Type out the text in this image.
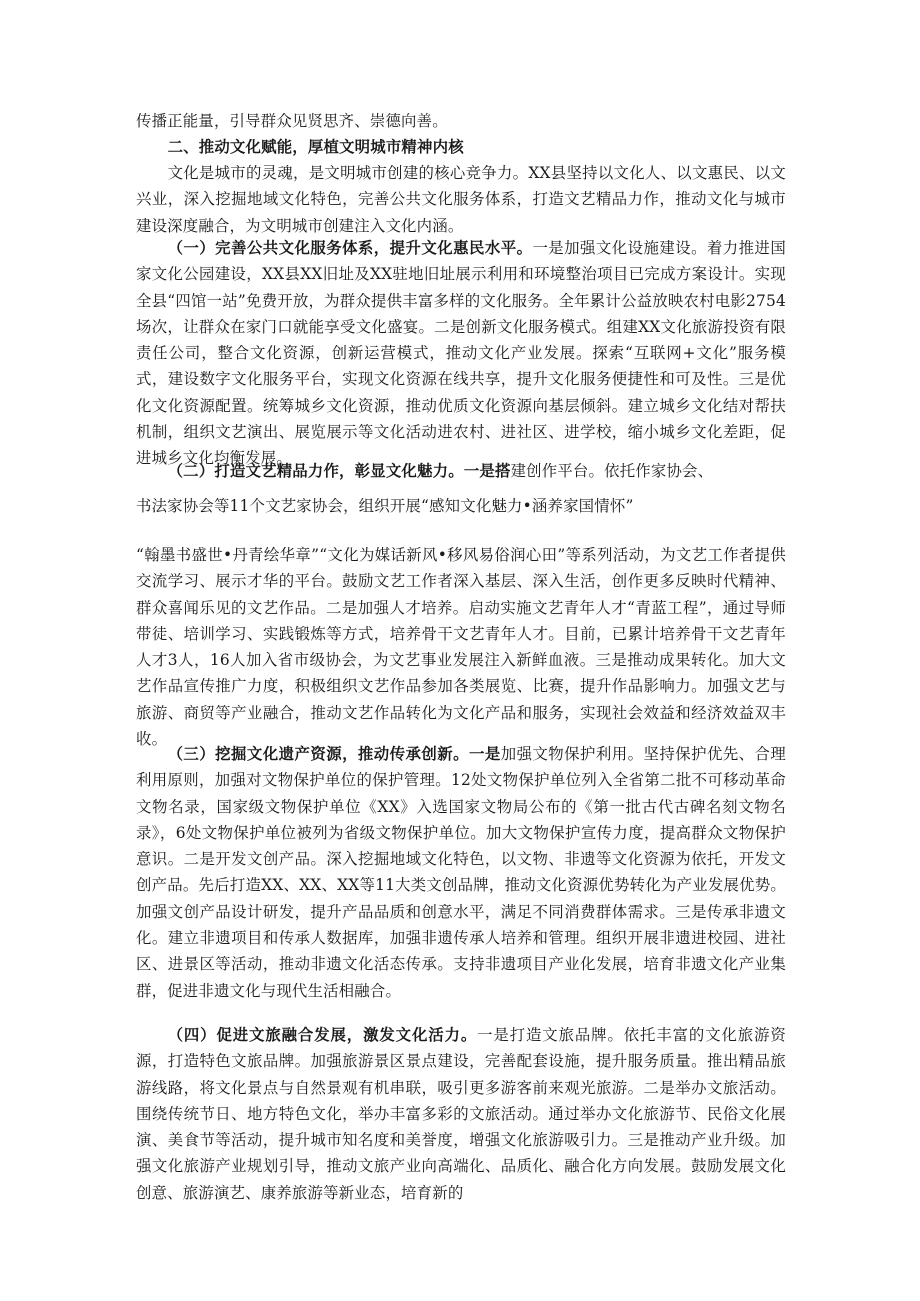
传播正能量，引导群众见贤思齐、崇德向善。

二、推动文化赋能，厚植文明城市精神内核

文化是城市的灵魂，是文明城市创建的核心竞争力。XX县坚持以文化人、以文惠民、以文兴业，深入挖掘地域文化特色，完善公共文化服务体系，打造文艺精品力作，推动文化与城市建设深度融合，为文明城市创建注入文化内涵。

（一）完善公共文化服务体系，提升文化惠民水平。一是加强文化设施建设。着力推进国家文化公园建设，XX县XX旧址及XX驻地旧址展示利用和环境整治项目已完成方案设计。实现全县“四馆一站”免费开放，为群众提供丰富多样的文化服务。全年累计公益放映农村电影2754场次，让群众在家门口就能享受文化盛宴。二是创新文化服务模式。组建XX文化旅游投资有限责任公司，整合文化资源，创新运营模式，推动文化产业发展。探索“互联网+文化”服务模式，建设数字文化服务平台，实现文化资源在线共享，提升文化服务便捷性和可及性。三是优化文化资源配置。统筹城乡文化资源，推动优质文化资源向基层倾斜。建立城乡文化结对帮扶机制，组织文艺演出、展览展示等文化活动进农村、进社区、进学校，缩小城乡文化差距，促进城乡文化均衡发展。

（二）打造文艺精品力作，彰显文化魅力。一是搭建创作平台。依托作家协会、

书法家协会等11个文艺家协会，组织开展“感知文化魅力•涵养家国情怀”

“翰墨书盛世•丹青绘华章”“文化为媒话新风•移风易俗润心田”等系列活动，为文艺工作者提供交流学习、展示才华的平台。鼓励文艺工作者深入基层、深入生活，创作更多反映时代精神、群众喜闻乐见的文艺作品。二是加强人才培养。启动实施文艺青年人才“青蓝工程”，通过导师带徒、培训学习、实践锻炼等方式，培养骨干文艺青年人才。目前，已累计培养骨干文艺青年人才3人，16人加入省市级协会，为文艺事业发展注入新鲜血液。三是推动成果转化。加大文艺作品宣传推广力度，积极组织文艺作品参加各类展览、比赛，提升作品影响力。加强文艺与旅游、商贸等产业融合，推动文艺作品转化为文化产品和服务，实现社会效益和经济效益双丰收。

（三）挖掘文化遗产资源，推动传承创新。一是加强文物保护利用。坚持保护优先、合理利用原则，加强对文物保护单位的保护管理。12处文物保护单位列入全省第二批不可移动革命文物名录，国家级文物保护单位《XX》入选国家文物局公布的《第一批古代古碑名刻文物名录》，6处文物保护单位被列为省级文物保护单位。加大文物保护宣传力度，提高群众文物保护意识。二是开发文创产品。深入挖掘地域文化特色，以文物、非遗等文化资源为依托，开发文创产品。先后打造XX、XX、XX等11大类文创品牌，推动文化资源优势转化为产业发展优势。加强文创产品设计研发，提升产品品质和创意水平，满足不同消费群体需求。三是传承非遗文化。建立非遗项目和传承人数据库，加强非遗传承人培养和管理。组织开展非遗进校园、进社区、进景区等活动，推动非遗文化活态传承。支持非遗项目产业化发展，培育非遗文化产业集群，促进非遗文化与现代生活相融合。

（四）促进文旅融合发展，激发文化活力。一是打造文旅品牌。依托丰富的文化旅游资源，打造特色文旅品牌。加强旅游景区景点建设，完善配套设施，提升服务质量。推出精品旅游线路，将文化景点与自然景观有机串联，吸引更多游客前来观光旅游。二是举办文旅活动。围绕传统节日、地方特色文化，举办丰富多彩的文旅活动。通过举办文化旅游节、民俗文化展演、美食节等活动，提升城市知名度和美誉度，增强文化旅游吸引力。三是推动产业升级。加强文化旅游产业规划引导，推动文旅产业向高端化、品质化、融合化方向发展。鼓励发展文化创意、旅游演艺、康养旅游等新业态，培育新的
